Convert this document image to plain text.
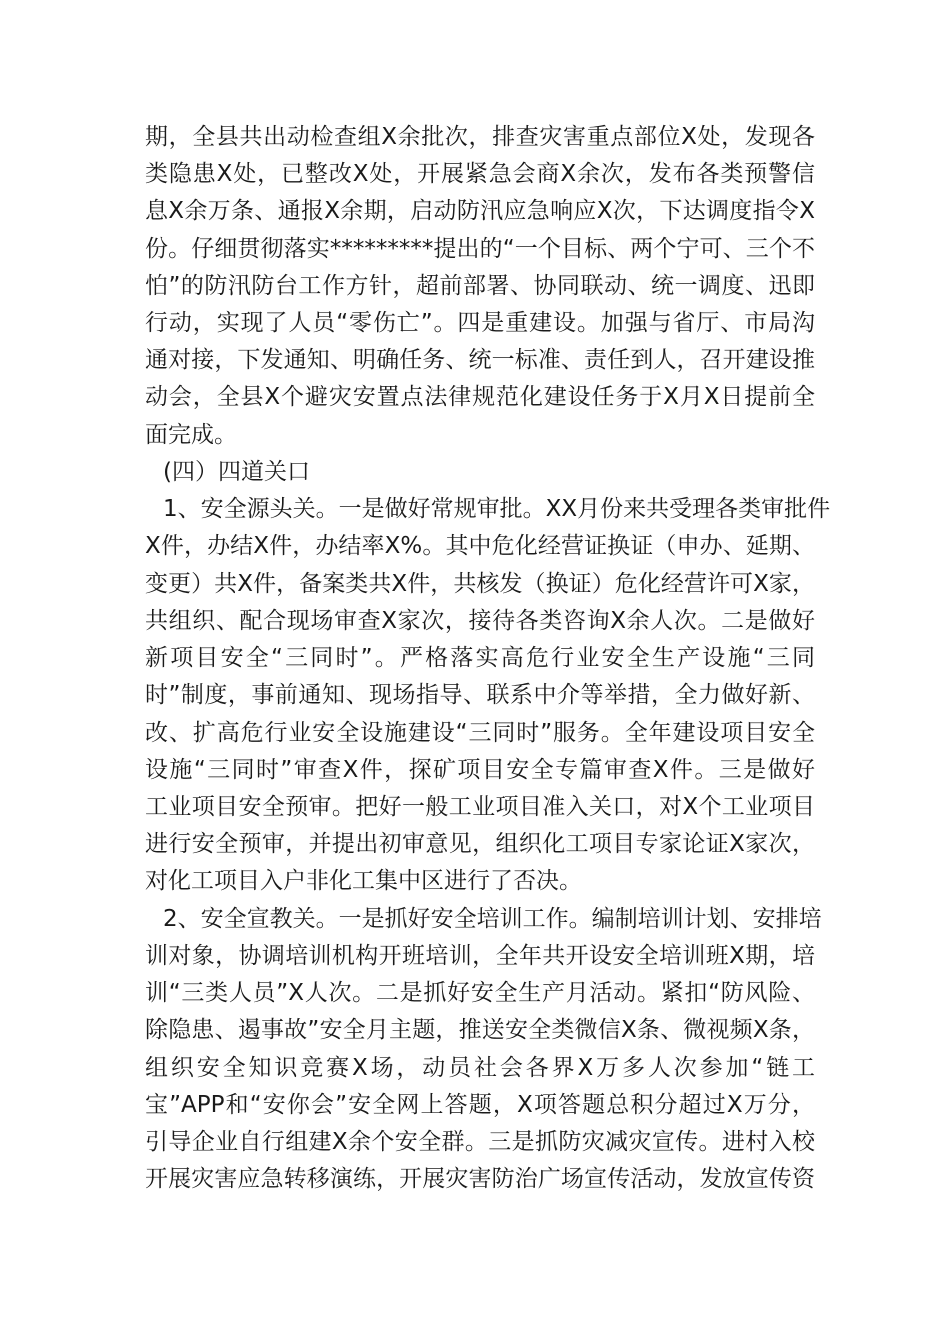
期，全县共出动检查组X余批次，排查灾害重点部位X处，发现各
类隐患X处，已整改X处，开展紧急会商X余次，发布各类预警信
息X余万条、通报X余期，启动防汛应急响应X次，下达调度指令X
份。仔细贯彻落实*********提出的“一个目标、两个宁可、三个不
怕”的防汛防台工作方针，超前部署、协同联动、统一调度、迅即
行动，实现了人员“零伤亡”。四是重建设。加强与省厅、市局沟
通对接，下发通知、明确任务、统一标准、责任到人，召开建设推
动会，全县X个避灾安置点法律规范化建设任务于X月X日提前全
面完成。
(四）四道关口
1、安全源头关。一是做好常规审批。XX月份来共受理各类审批件
X件，办结X件，办结率X%。其中危化经营证换证（申办、延期、
变更）共X件，备案类共X件，共核发（换证）危化经营许可X家，
共组织、配合现场审查X家次，接待各类咨询X余人次。二是做好
新项目安全“三同时”。严格落实高危行业安全生产设施“三同
时”制度，事前通知、现场指导、联系中介等举措，全力做好新、
改、扩高危行业安全设施建设“三同时”服务。全年建设项目安全
设施“三同时”审查X件，探矿项目安全专篇审查X件。三是做好
工业项目安全预审。把好一般工业项目准入关口，对X个工业项目
进行安全预审，并提出初审意见，组织化工项目专家论证X家次，
对化工项目入户非化工集中区进行了否决。
2、安全宣教关。一是抓好安全培训工作。编制培训计划、安排培
训对象，协调培训机构开班培训，全年共开设安全培训班X期，培
训“三类人员”X人次。二是抓好安全生产月活动。紧扣“防风险、
除隐患、遏事故”安全月主题，推送安全类微信X条、微视频X条，
组织安全知识竞赛X场，动员社会各界X万多人次参加“链工
宝”APP和“安你会”安全网上答题，X项答题总积分超过X万分，
引导企业自行组建X余个安全群。三是抓防灾减灾宣传。进村入校
开展灾害应急转移演练，开展灾害防治广场宣传活动，发放宣传资
